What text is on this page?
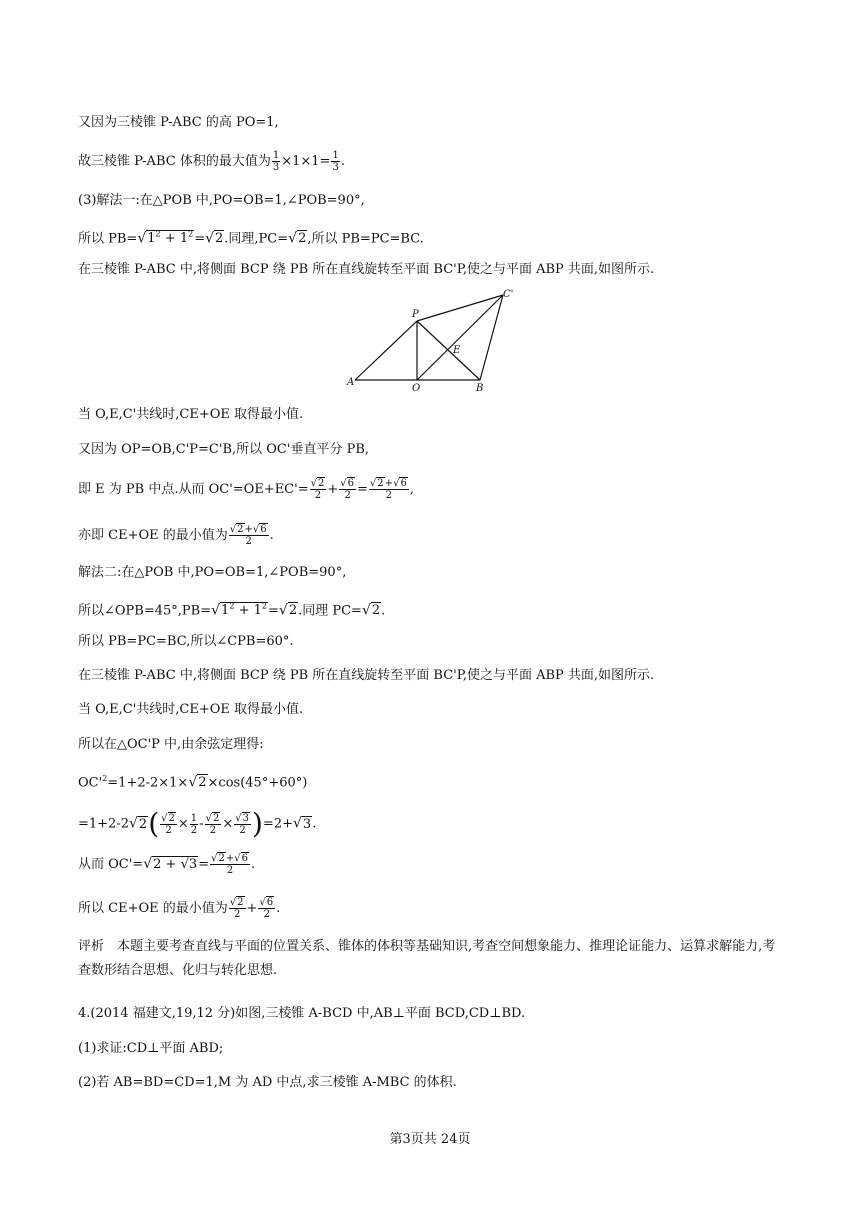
又因为三棱锥 P-ABC 的高 PO=1,
故三棱锥 P-ABC 体积的最大值为 $\frac{1}{3} \times 1\times 1= \frac{1}{3}$ .
(3)解法一:在△POB 中,PO=OB=1,∠POB=90°,
所以 $PB=√1^2 + 1^2=√2$.同理,PC=√2,所以 PB=PC=BC.
在三棱锥 P-ABC 中,将侧面 BCP 绕 PB 所在直线旋转至平面 BC'P,使之与平面 ABP 共面,如图所示.
A
P
O	B
E
C'
当 O,E,C'共线时,CE+OE 取得最小值.
又因为 OP=OB,C'P=C'B,所以 OC'垂直平分 PB,
即 E 为 PB 中点.从而 $OC'=OE+EC'= \frac{√2}{2} + \frac{√6}{2} = \frac{√2+√6}{2}$ ,
亦即 CE+OE 的最小值为 $\frac{√2+√6}{2}$ .
解法二:在△POB 中,PO=OB=1,∠POB=90°,
所以$\angle OPB=45^\circ,PB=√1^2 + 1^2=√2$.同理 PC=√2.
所以 PB=PC=BC,所以∠CPB=60°.
在三棱锥 P-ABC 中,将侧面 BCP 绕 PB 所在直线旋转至平面 BC'P,使之与平面 ABP 共面,如图所示.
当 O,E,C'共线时,CE+OE 取得最小值.
所以在△OC'P 中,由余弦定理得:
$OC'^2=1+2-2\times 1\times√2\times\cos(45^\circ+60^\circ)$
$=1+2-2√2( \frac{√2}{2} \times \frac{1}{2} - \frac{√2}{2} \times \frac{√3}{2} )=2+√3$.
从而 $OC'=√2 + √3= \frac{√2+√6}{2}$ .
所以 CE+OE 的最小值为 $\frac{√2}{2} + \frac{√6}{2}$ .
评析　本题主要考查直线与平面的位置关系、锥体的体积等基础知识,考查空间想象能力、推理论证能力、运算求解能力,考查数形结合思想、化归与转化思想.
4.(2014 福建文,19,12 分)如图,三棱锥 A-BCD 中,AB⊥平面 BCD,CD⊥BD.
(1)求证:CD⊥平面 ABD;
(2)若 AB=BD=CD=1,M 为 AD 中点,求三棱锥 A-MBC 的体积.
第3页共 24页
